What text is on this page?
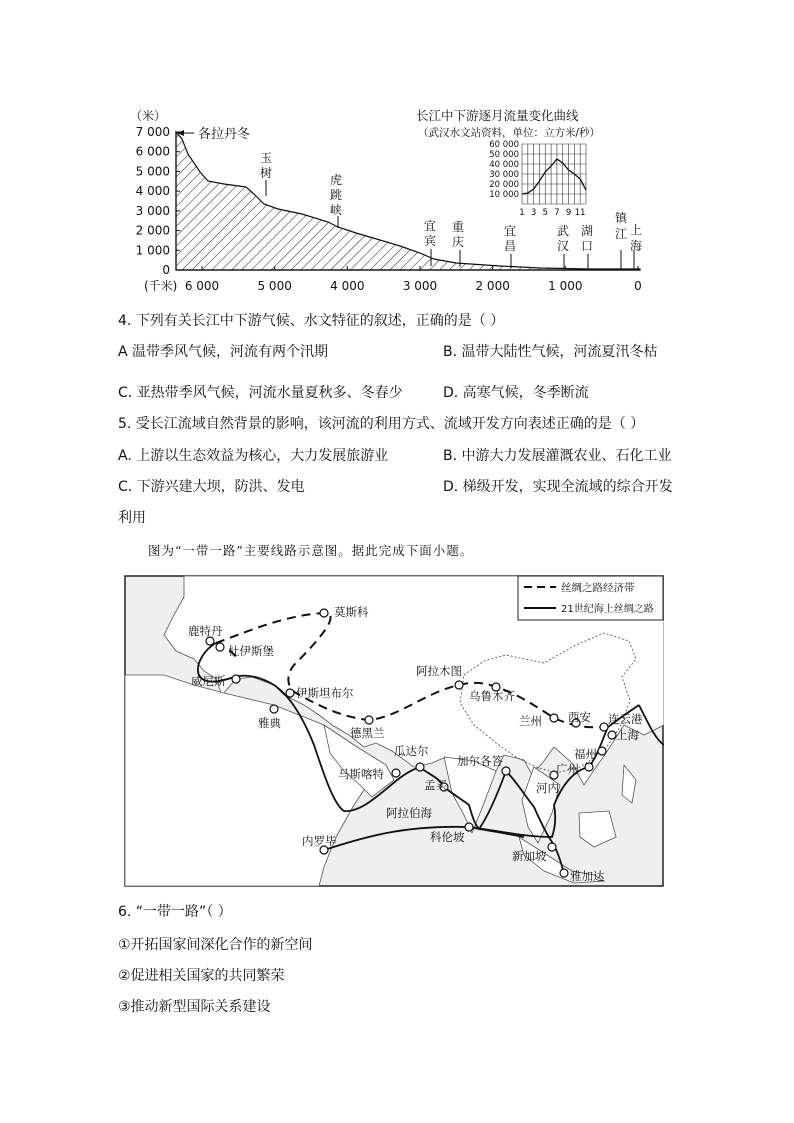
（米）
7 000
6 000
5 000
4 000
3 000
2 000
1 000
0
6 000	5 000	4 000	3 000	2 000	1 000	0
各拉丹冬
玉
树	虎
跳
峡
宜
宾
重
庆
宜
昌
武
汉
湖
口
镇
江 上
海
(千米)
长江中下游逐月流量变化曲线
（武汉水文站资料，单位：立方米/秒）
60 000
50 000
40 000
30 000
20 000
10 000
1 3 5 7 9 11
4. 下列有关长江中下游气候、水文特征的叙述，正确的是（ ）
A 温带季风气候，河流有两个汛期	B. 温带大陆性气候，河流夏汛冬枯
C. 亚热带季风气候，河流水量夏秋多、冬春少	D. 高寒气候，冬季断流
5. 受长江流域自然背景的影响，该河流的利用方式、流域开发方向表述正确的是（ ）
A. 上游以生态效益为核心，大力发展旅游业	B. 中游大力发展灌溉农业、石化工业
C. 下游兴建大坝，防洪、发电	D. 梯级开发，实现全流域的综合开发
利用
图为“一带一路”主要线路示意图。据此完成下面小题。
丝绸之路经济带
21世纪海上丝绸之路
莫斯科
鹿特丹
杜伊斯堡
威尼斯
伊斯坦布尔
雅典
德黑兰
阿拉木图
乌鲁木齐
兰州 西安 连云港
上海
福州
广州
河内
加尔各答
瓜达尔
马斯喀特
孟买
阿拉伯海
科伦坡
内罗毕
新加坡
雅加达
6. “一带一路”（ ）
①开拓国家间深化合作的新空间
②促进相关国家的共同繁荣
③推动新型国际关系建设
